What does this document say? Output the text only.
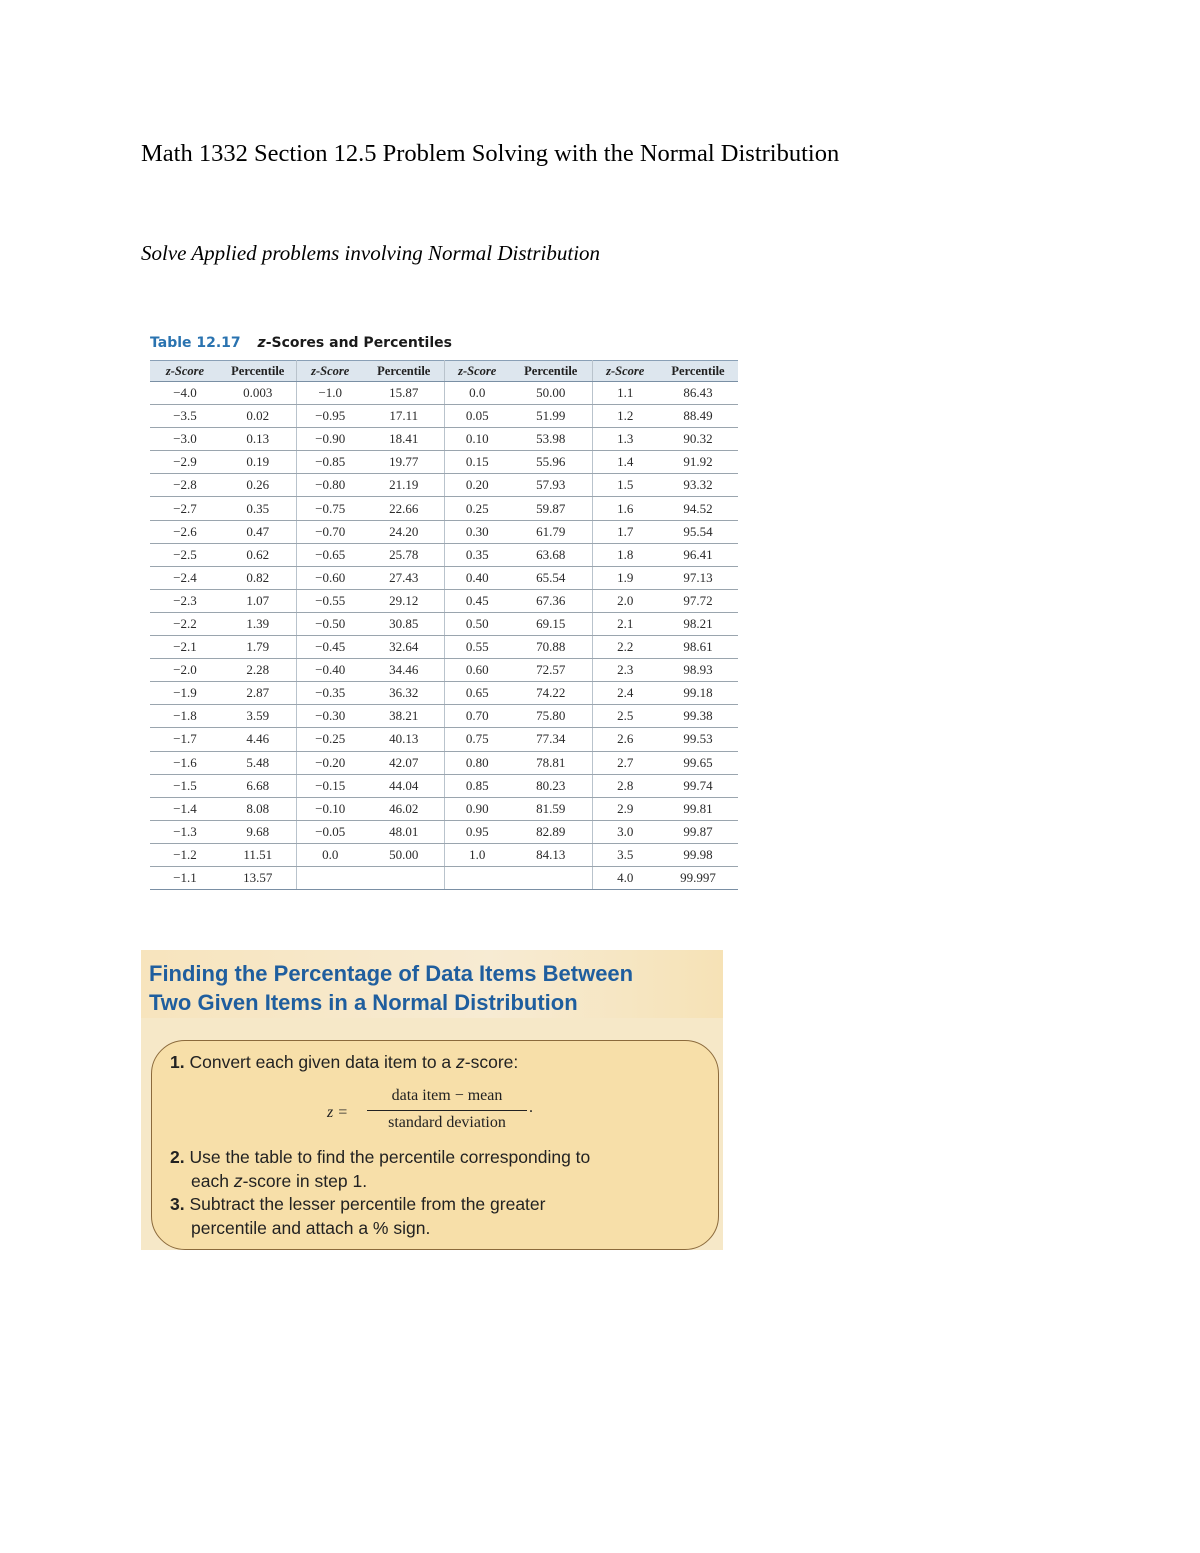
Math 1332 Section 12.5 Problem Solving with the Normal Distribution
Solve Applied problems involving Normal Distribution
Table 12.17 z-Scores and Percentiles
z-Score	Percentile	z-Score	Percentile	z-Score	Percentile	z-Score	Percentile
−4.0	0.003	−1.0	15.87	0.0	50.00	1.1	86.43
−3.5	0.02	−0.95	17.11	0.05	51.99	1.2	88.49
−3.0	0.13	−0.90	18.41	0.10	53.98	1.3	90.32
−2.9	0.19	−0.85	19.77	0.15	55.96	1.4	91.92
−2.8	0.26	−0.80	21.19	0.20	57.93	1.5	93.32
−2.7	0.35	−0.75	22.66	0.25	59.87	1.6	94.52
−2.6	0.47	−0.70	24.20	0.30	61.79	1.7	95.54
−2.5	0.62	−0.65	25.78	0.35	63.68	1.8	96.41
−2.4	0.82	−0.60	27.43	0.40	65.54	1.9	97.13
−2.3	1.07	−0.55	29.12	0.45	67.36	2.0	97.72
−2.2	1.39	−0.50	30.85	0.50	69.15	2.1	98.21
−2.1	1.79	−0.45	32.64	0.55	70.88	2.2	98.61
−2.0	2.28	−0.40	34.46	0.60	72.57	2.3	98.93
−1.9	2.87	−0.35	36.32	0.65	74.22	2.4	99.18
−1.8	3.59	−0.30	38.21	0.70	75.80	2.5	99.38
−1.7	4.46	−0.25	40.13	0.75	77.34	2.6	99.53
−1.6	5.48	−0.20	42.07	0.80	78.81	2.7	99.65
−1.5	6.68	−0.15	44.04	0.85	80.23	2.8	99.74
−1.4	8.08	−0.10	46.02	0.90	81.59	2.9	99.81
−1.3	9.68	−0.05	48.01	0.95	82.89	3.0	99.87
−1.2	11.51	0.0	50.00	1.0	84.13	3.5	99.98
−1.1	13.57					4.0	99.997
Finding the Percentage of Data Items Between
Two Given Items in a Normal Distribution
1. Convert each given data item to a z-score:
z =
data item − mean
standard deviation
.
2. Use the table to find the percentile corresponding to
each z-score in step 1.
3. Subtract the lesser percentile from the greater
percentile and attach a % sign.
